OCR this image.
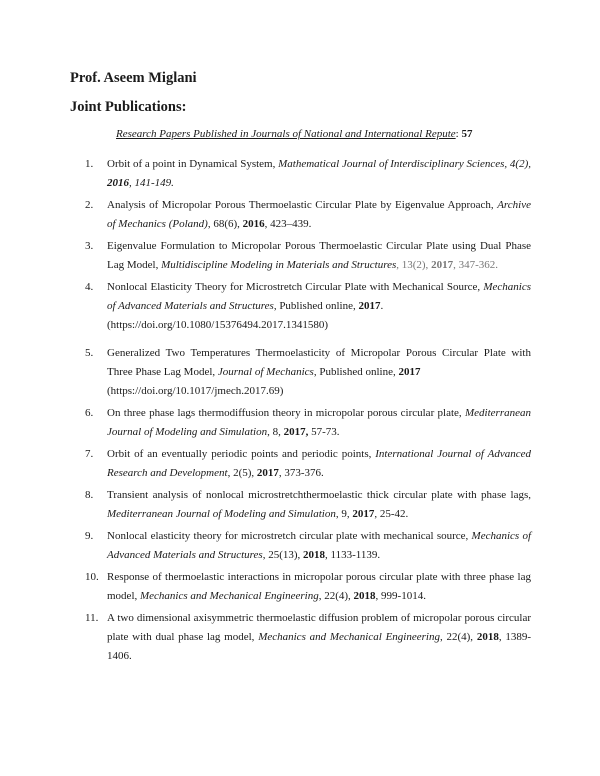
Prof. Aseem Miglani
Joint Publications:
Research Papers Published in Journals of National and International Repute: 57
1. Orbit of a point in Dynamical System, Mathematical Journal of Interdisciplinary Sciences, 4(2), 2016, 141-149.
2. Analysis of Micropolar Porous Thermoelastic Circular Plate by Eigenvalue Approach, Archive of Mechanics (Poland), 68(6), 2016, 423–439.
3. Eigenvalue Formulation to Micropolar Porous Thermoelastic Circular Plate using Dual Phase Lag Model, Multidiscipline Modeling in Materials and Structures, 13(2), 2017, 347-362.
4. Nonlocal Elasticity Theory for Microstretch Circular Plate with Mechanical Source, Mechanics of Advanced Materials and Structures, Published online, 2017.
(https://doi.org/10.1080/15376494.2017.1341580)
5. Generalized Two Temperatures Thermoelasticity of Micropolar Porous Circular Plate with Three Phase Lag Model, Journal of Mechanics, Published online, 2017
(https://doi.org/10.1017/jmech.2017.69)
6. On three phase lags thermodiffusion theory in micropolar porous circular plate, Mediterranean Journal of Modeling and Simulation, 8, 2017, 57-73.
7. Orbit of an eventually periodic points and periodic points, International Journal of Advanced Research and Development, 2(5), 2017, 373-376.
8. Transient analysis of nonlocal microstretchthermoelastic thick circular plate with phase lags, Mediterranean Journal of Modeling and Simulation, 9, 2017, 25-42.
9. Nonlocal elasticity theory for microstretch circular plate with mechanical source, Mechanics of Advanced Materials and Structures, 25(13), 2018, 1133-1139.
10. Response of thermoelastic interactions in micropolar porous circular plate with three phase lag model, Mechanics and Mechanical Engineering, 22(4), 2018, 999-1014.
11. A two dimensional axisymmetric thermoelastic diffusion problem of micropolar porous circular plate with dual phase lag model, Mechanics and Mechanical Engineering, 22(4), 2018, 1389-1406.
